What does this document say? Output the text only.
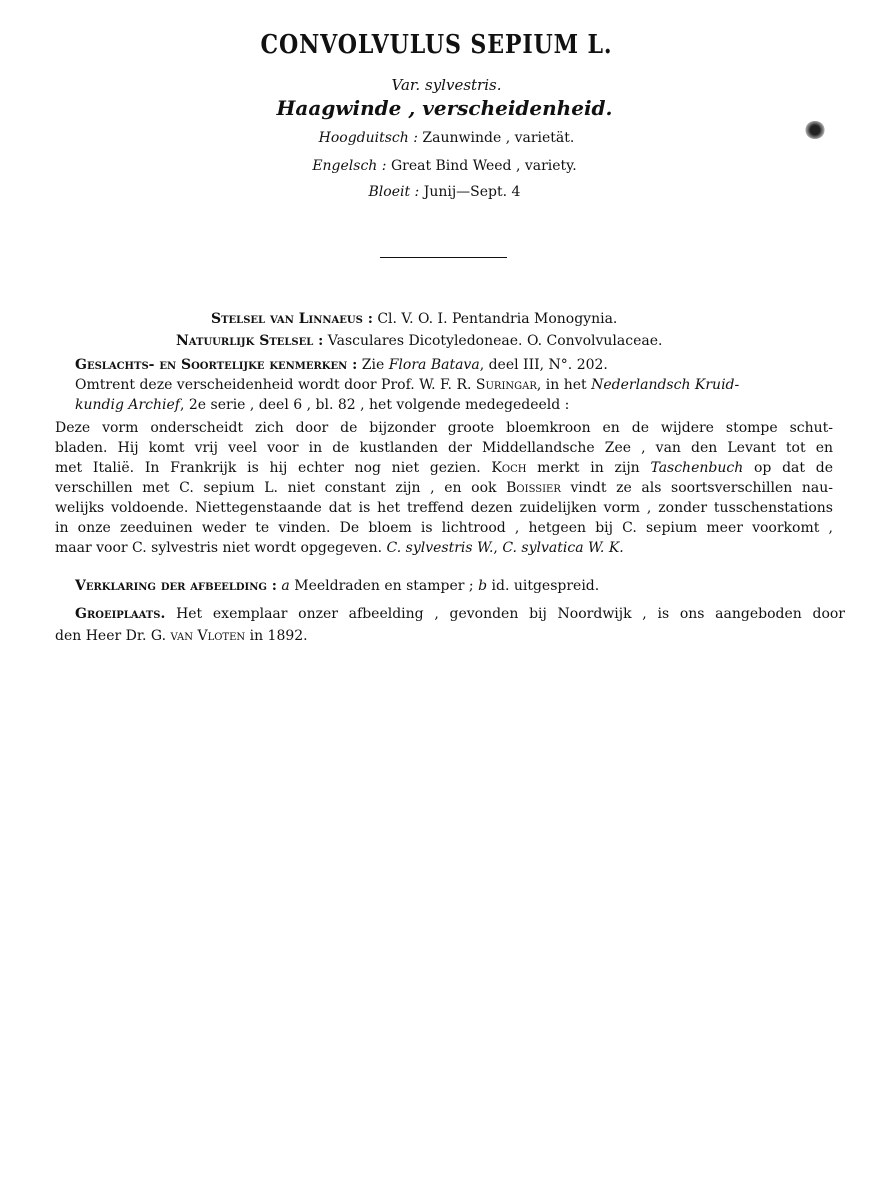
CONVOLVULUS SEPIUM L.
Var. sylvestris.
Haagwinde , verscheidenheid.
Hoogduitsch : Zaunwinde , varietät.
Engelsch : Great Bind Weed , variety.
Bloeit : Junij—Sept. 4
Stelsel van Linnaeus : Cl. V. O. I. Pentandria Monogynia.
Natuurlijk Stelsel : Vasculares Dicotyledoneae. O. Convolvulaceae.
Geslachts- en Soortelijke kenmerken : Zie Flora Batava, deel III, N°. 202.
Omtrent deze verscheidenheid wordt door Prof. W. F. R. Suringar, in het Nederlandsch Kruid-
kundig Archief, 2e serie , deel 6 , bl. 82 , het volgende medegedeeld :
Deze vorm onderscheidt zich door de bijzonder groote bloemkroon en de wijdere stompe schut-
bladen. Hij komt vrij veel voor in de kustlanden der Middellandsche Zee , van den Levant tot en
met Italië. In Frankrijk is hij echter nog niet gezien. Koch merkt in zijn Taschenbuch op dat de
verschillen met C. sepium L. niet constant zijn , en ook Boissier vindt ze als soortsverschillen nau-
welijks voldoende. Niettegenstaande dat is het treffend dezen zuidelijken vorm , zonder tusschenstations
in onze zeeduinen weder te vinden. De bloem is lichtrood , hetgeen bij C. sepium meer voorkomt ,
maar voor C. sylvestris niet wordt opgegeven. C. sylvestris W., C. sylvatica W. K.
Verklaring der afbeelding : a Meeldraden en stamper ; b id. uitgespreid.
Groeiplaats. Het exemplaar onzer afbeelding , gevonden bij Noordwijk , is ons aangeboden door
den Heer Dr. G. van Vloten in 1892.
